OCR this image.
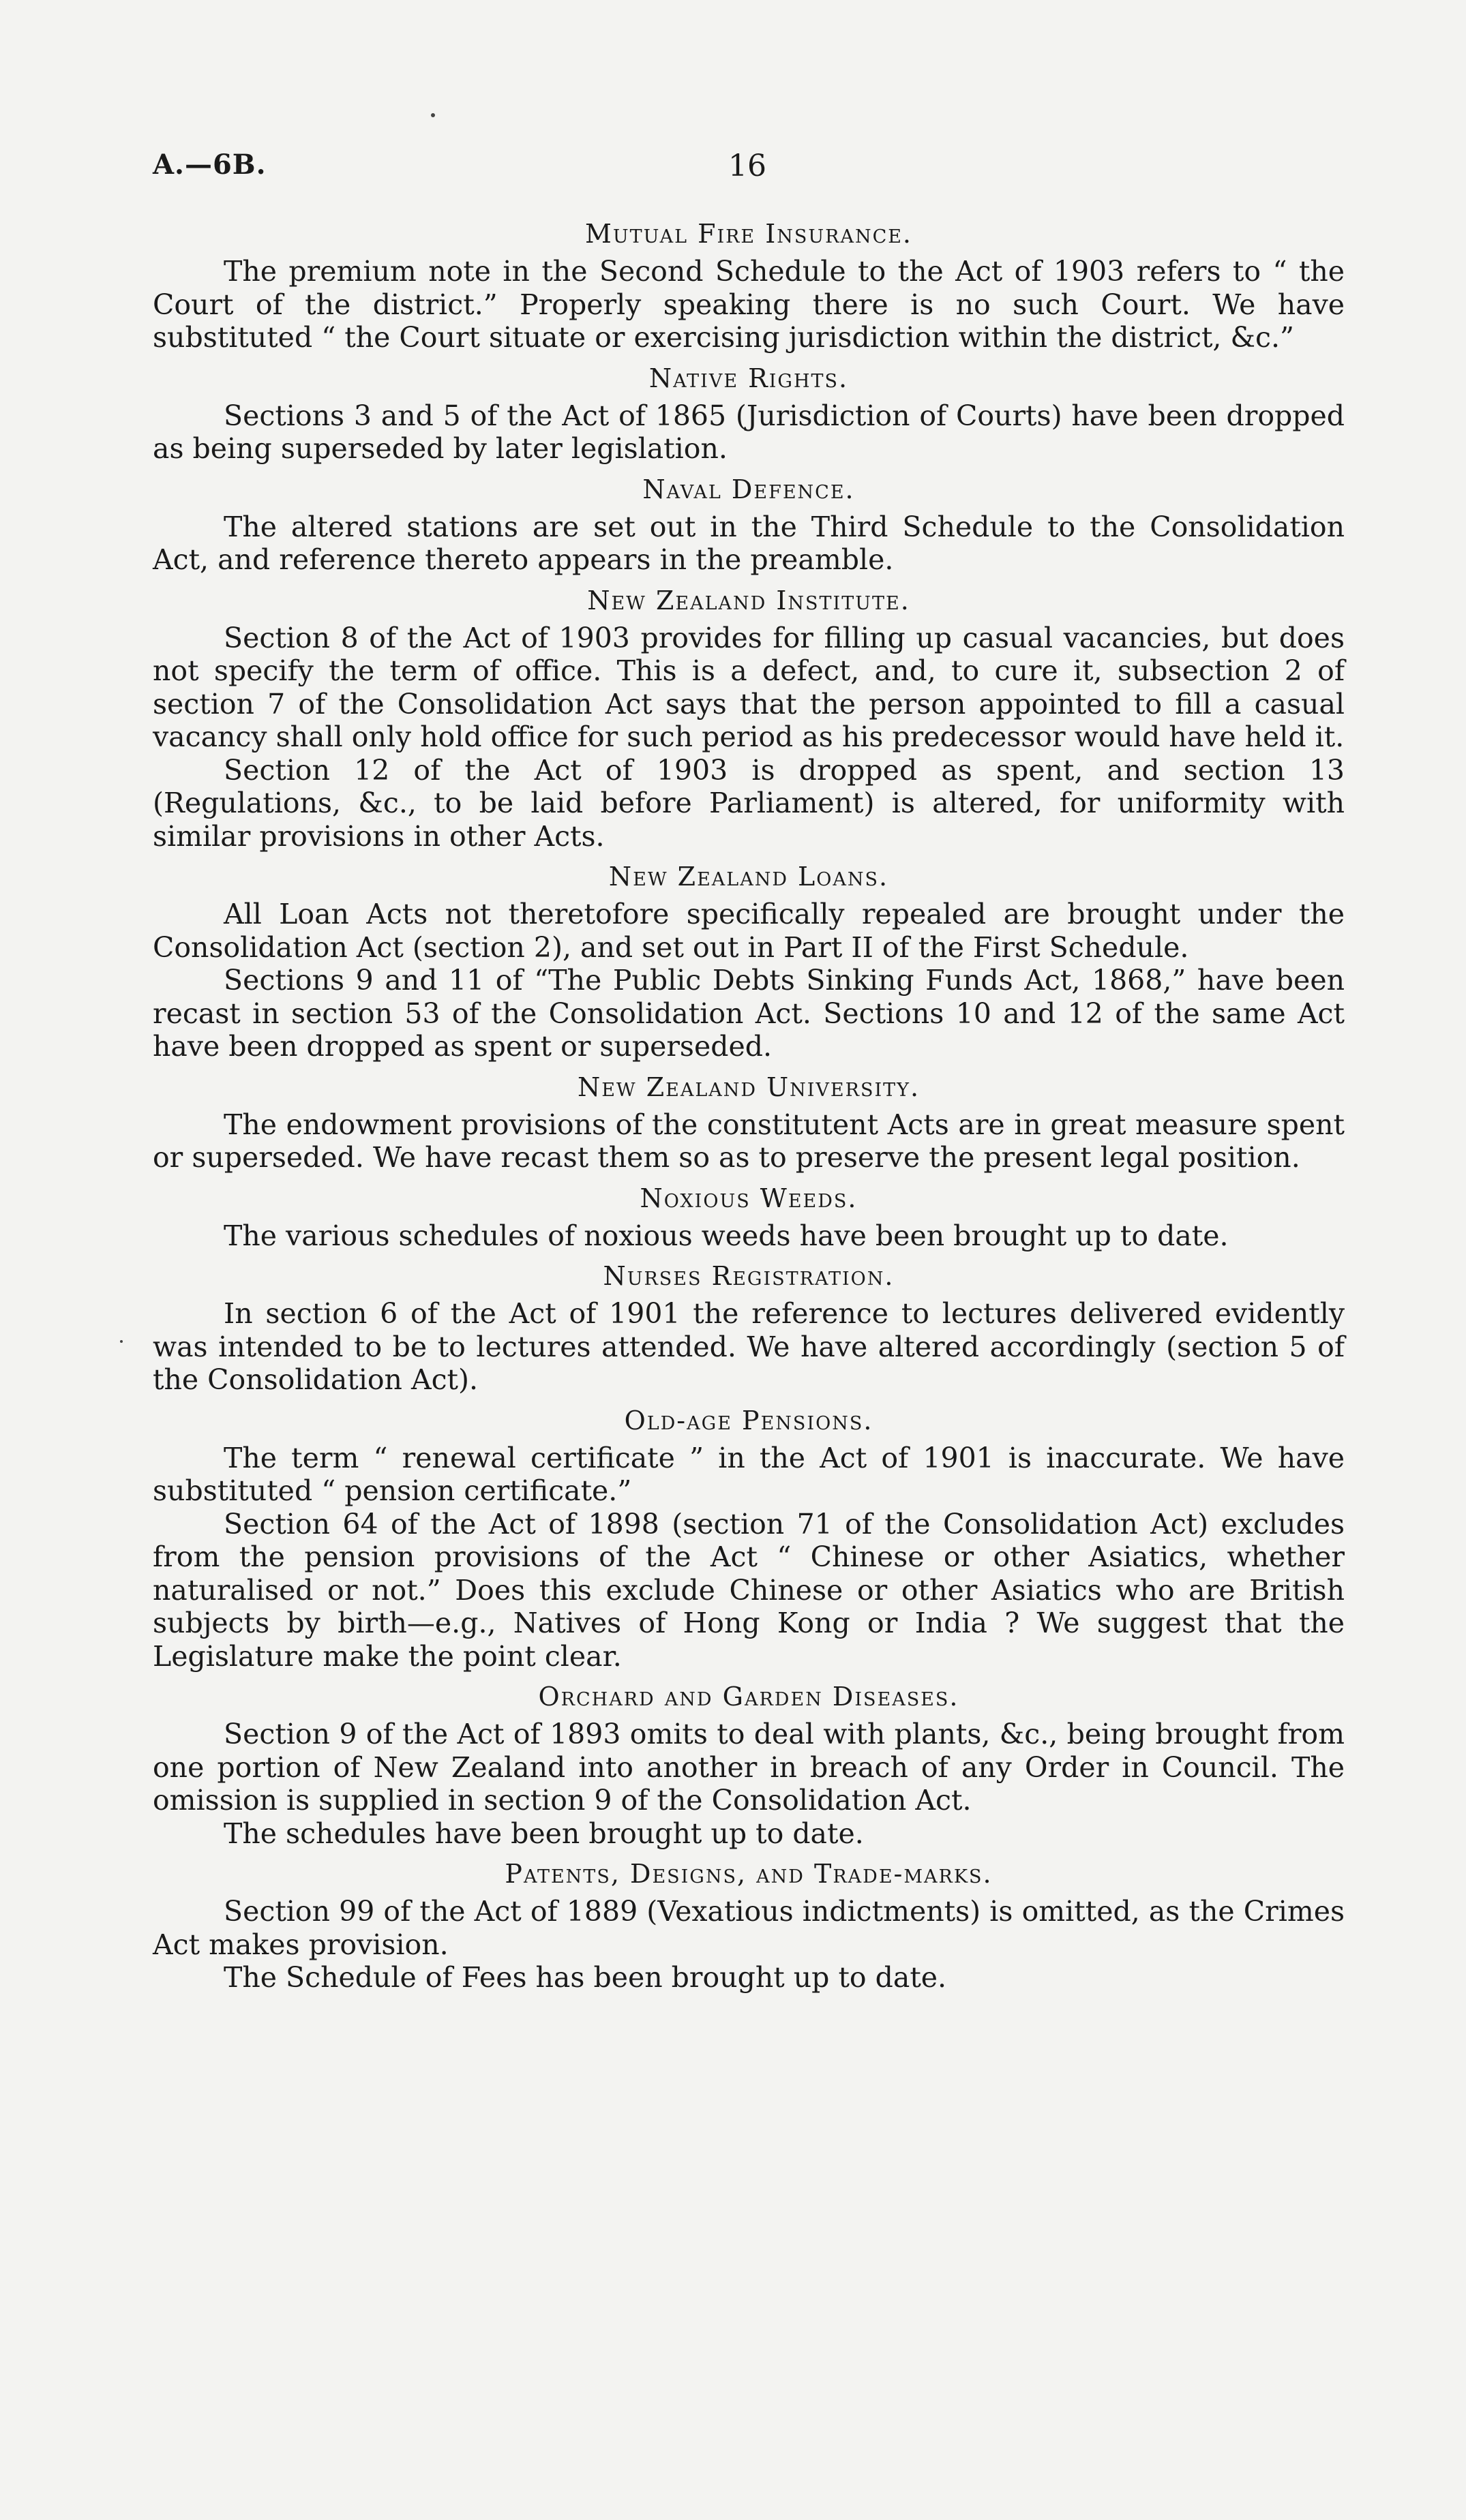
A.—6B.	16
Mutual Fire Insurance.

The premium note in the Second Schedule to the Act of 1903 refers to “ the Court of the district.” Properly speaking there is no such Court. We have substituted “ the Court situate or exercising jurisdiction within the district, &c.”

Native Rights.

Sections 3 and 5 of the Act of 1865 (Jurisdiction of Courts) have been dropped as being superseded by later legislation.

Naval Defence.

The altered stations are set out in the Third Schedule to the Consolidation Act, and reference thereto appears in the preamble.

New Zealand Institute.

Section 8 of the Act of 1903 provides for filling up casual vacancies, but does not specify the term of office. This is a defect, and, to cure it, subsection 2 of section 7 of the Consolidation Act says that the person appointed to fill a casual vacancy shall only hold office for such period as his predecessor would have held it.

Section 12 of the Act of 1903 is dropped as spent, and section 13 (Regulations, &c., to be laid before Parliament) is altered, for uniformity with similar provisions in other Acts.

New Zealand Loans.

All Loan Acts not theretofore specifically repealed are brought under the Consolidation Act (section 2), and set out in Part II of the First Schedule.

Sections 9 and 11 of “The Public Debts Sinking Funds Act, 1868,” have been recast in section 53 of the Consolidation Act. Sections 10 and 12 of the same Act have been dropped as spent or superseded.

New Zealand University.

The endowment provisions of the constitutent Acts are in great measure spent or superseded. We have recast them so as to preserve the present legal position.

Noxious Weeds.

The various schedules of noxious weeds have been brought up to date.

Nurses Registration.

In section 6 of the Act of 1901 the reference to lectures delivered evidently was intended to be to lectures attended. We have altered accordingly (section 5 of the Consolidation Act).

Old-age Pensions.

The term “ renewal certificate ” in the Act of 1901 is inaccurate. We have substituted “ pension certificate.”

Section 64 of the Act of 1898 (section 71 of the Consolidation Act) excludes from the pension provisions of the Act “ Chinese or other Asiatics, whether naturalised or not.” Does this exclude Chinese or other Asiatics who are British subjects by birth—e.g., Natives of Hong Kong or India ? We suggest that the Legislature make the point clear.

Orchard and Garden Diseases.

Section 9 of the Act of 1893 omits to deal with plants, &c., being brought from one portion of New Zealand into another in breach of any Order in Council. The omission is supplied in section 9 of the Consolidation Act.

The schedules have been brought up to date.

Patents, Designs, and Trade-marks.

Section 99 of the Act of 1889 (Vexatious indictments) is omitted, as the Crimes Act makes provision.

The Schedule of Fees has been brought up to date.
